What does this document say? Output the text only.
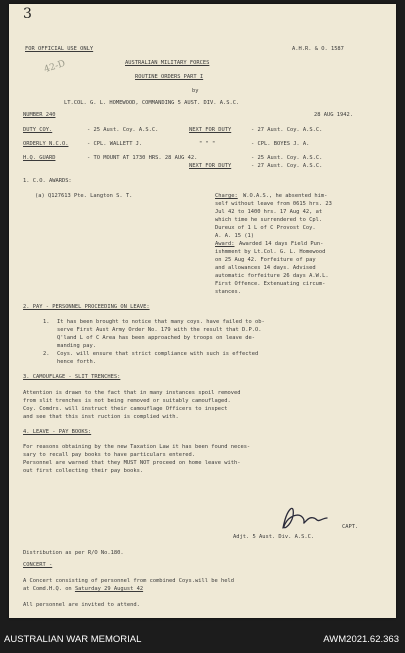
3
42-D
FOR OFFICIAL USE ONLY	A.H.R. & O. 1587
AUSTRALIAN MILITARY FORCES
ROUTINE ORDERS PART I
by
LT.COL. G. L. HOMEWOOD, COMMANDING 5 AUST. DIV. A.S.C.
NUMBER 240	28 AUG 1942.
DUTY COY.	- 25 Aust. Coy. A.S.C.	NEXT FOR DUTY	- 27 Aust. Coy. A.S.C.
ORDERLY N.C.O.	- CPL. WALLETT J.	" " "	- CPL. BOYES J. A.
H.Q. GUARD	- TO MOUNT AT 1730 HRS. 28 AUG 42.	- 25 Aust. Coy. A.S.C.
NEXT FOR DUTY	- 27 Aust. Coy. A.S.C.
1. C.O. AWARDS:
(a) Q127613 Pte. Langton S. T.	Charge: W.O.A.S., he absented him-
self without leave from 0615 hrs. 23
Jul 42 to 1400 hrs. 17 Aug 42, at
which time he surrendered to Cpl.
Dureux of 1 L of C Provost Coy.
A. A. 15 (1)
Award: Awarded 14 days Field Pun-
ishmment by Lt.Col. G. L. Homewood
on 25 Aug 42. Forfeiture of pay
and allowances 14 days. Advised
automatic forfeiture 26 days A.W.L.
First Offence. Extenuating circum-
stances.
2. PAY - PERSONNEL PROCEEDING ON LEAVE:
1. It has been brought to notice that many coys. have failed to ob-
serve First Aust Army Order No. 179 with the result that D.P.O.
Q'land L of C Area has been approached by troops on leave de-
manding pay.
2. Coys. will ensure that strict compliance with such is effected
hence forth.
3. CAMOUFLAGE - SLIT TRENCHES:
Attention is drawn to the fact that in many instances spoil removed
from slit trenches is not being removed or suitably camouflaged.
Coy. Comdrs. will instruct their camouflage Officers to inspect
and see that this inst ruction is complied with.
4. LEAVE - PAY BOOKS:
For reasons obtaining by the new Taxation Law it has been found neces-
sary to recall pay books to have particulars entered.
Personnel are warned that they MUST NOT proceed on home leave with-
out first collecting their pay books.
CAPT.
Adjt. 5 Aust. Div. A.S.C.
Distribution as per R/O No.180.
CONCERT -
A Concert consisting of personnel from combined Coys.will be held
at Comd.H.Q. on Saturday 29 August 42
All personnel are invited to attend.
AUSTRALIAN WAR MEMORIAL	AWM2021.62.363
